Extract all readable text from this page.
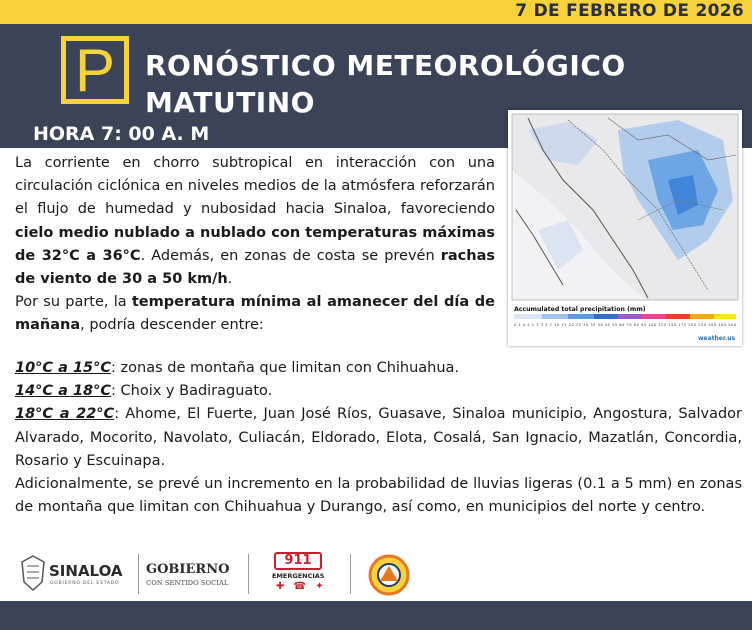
7 DE FEBRERO DE 2026
P	RONÓSTICO METEOROLÓGICO
MATUTINO
HORA 7: 00 A. M
Accumulated total precipitation (mm)
0.1 0.5 1 2 3 5 7 10 15 20 25 30 35 40 45 50 60 70 80 90 100 125 150 175 200 250 300 400 500
weather.us

La corriente en chorro subtropical en interacción con una circulación ciclónica en niveles medios de la atmósfera reforzarán el flujo de humedad y nubosidad hacia Sinaloa, favoreciendo cielo medio nublado a nublado con temperaturas máximas de 32°C a 36°C. Además, en zonas de costa se prevén rachas de viento de 30 a 50 km/h.

Por su parte, la temperatura mínima al amanecer del día de mañana, podría descender entre:

10°C a 15°C: zonas de montaña que limitan con Chihuahua.

14°C a 18°C: Choix y Badiraguato.

18°C a 22°C: Ahome, El Fuerte, Juan José Ríos, Guasave, Sinaloa municipio, Angostura, Salvador Alvarado, Mocorito, Navolato, Culiacán, Eldorado, Elota, Cosalá, San Ignacio, Mazatlán, Concordia, Rosario y Escuinapa.

Adicionalmente, se prevé un incremento en la probabilidad de lluvias ligeras (0.1 a 5 mm) en zonas de montaña que limitan con Chihuahua y Durango, así como, en municipios del norte y centro.

SINALOA
GOBIERNO DEL ESTADO
GOBIERNO
CON SENTIDO SOCIAL
911
EMERGENCIAS
✚ ☎ ✦
